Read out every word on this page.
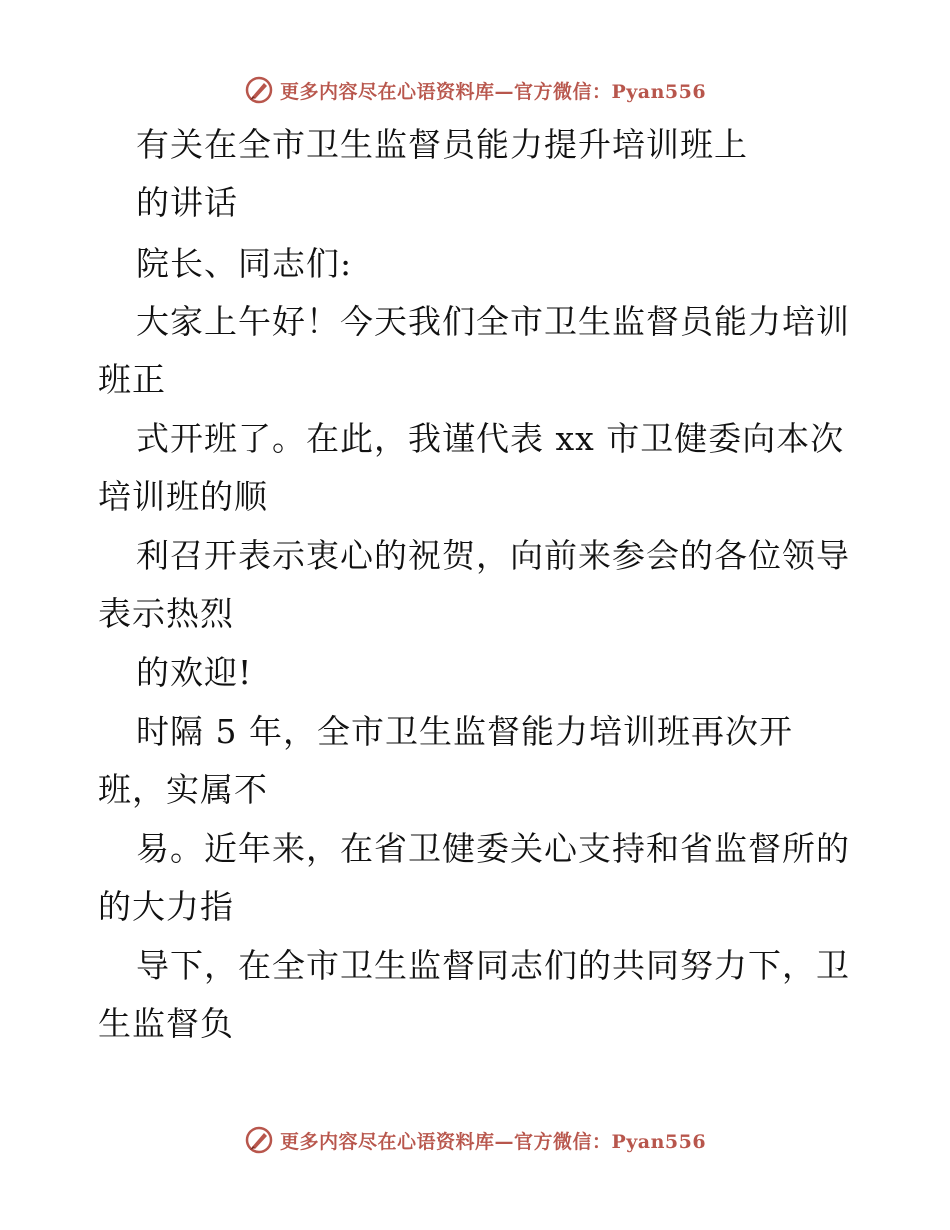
更多内容尽在心语资料库—官方微信：Pyan556
有关在全市卫生监督员能力提升培训班上
的讲话
院长、同志们:
大家上午好！今天我们全市卫生监督员能力培训
班正
式开班了。在此，我谨代表 xx 市卫健委向本次
培训班的顺
利召开表示衷心的祝贺，向前来参会的各位领导
表示热烈
的欢迎!
时隔 5 年，全市卫生监督能力培训班再次开
班，实属不
易。近年来，在省卫健委关心支持和省监督所的
的大力指
导下，在全市卫生监督同志们的共同努力下，卫
生监督负
更多内容尽在心语资料库—官方微信：Pyan556
